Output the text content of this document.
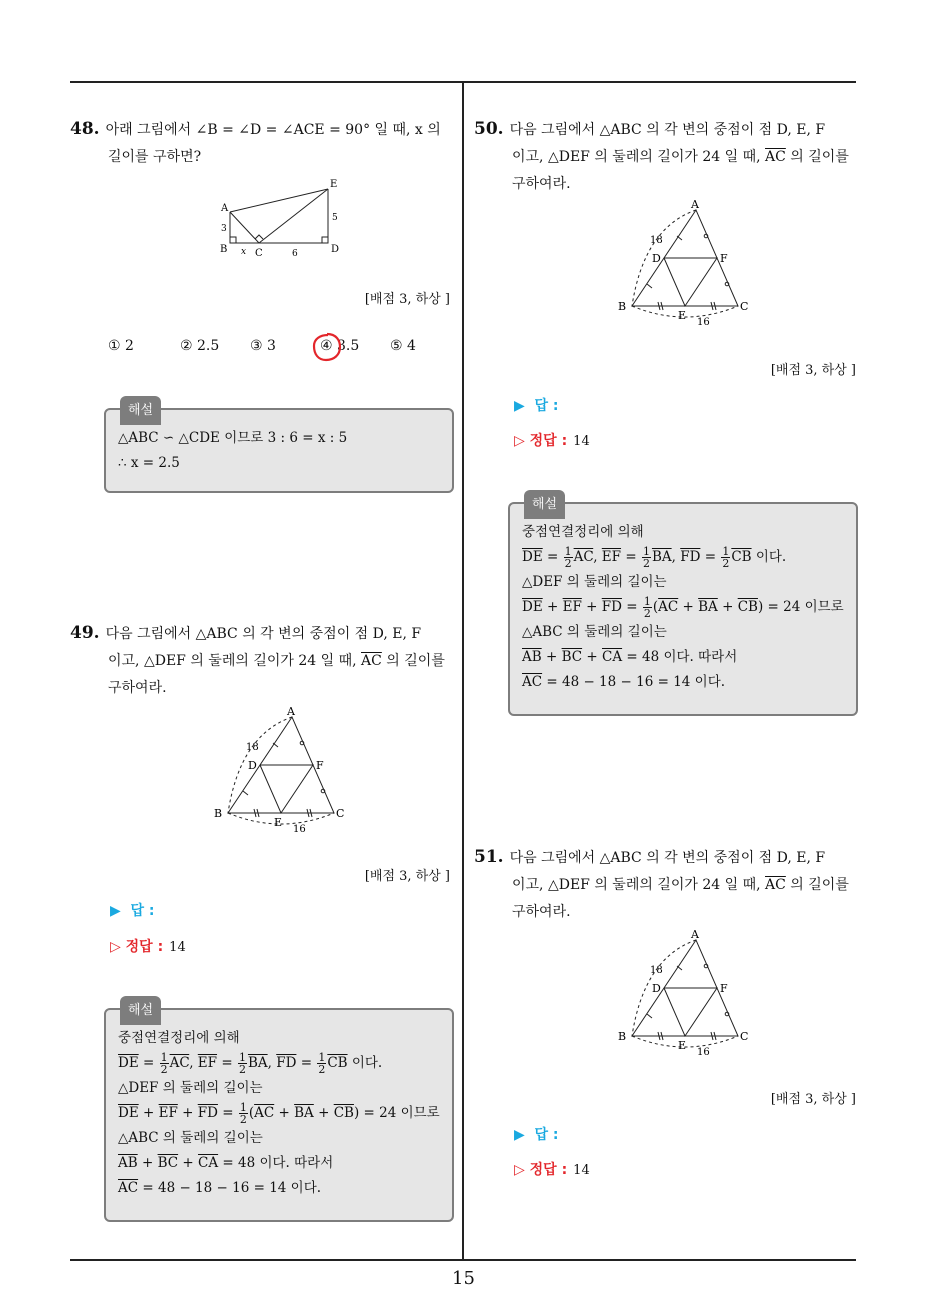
15
48. 아래 그림에서 ∠B = ∠D = ∠ACE = 90° 일 때, x 의
길이를 구하면?
E
A
B	C	D
3
5
x	6
[배점 3, 하상 ]
① 2	② 2.5 ③ 3	④ 3.5 ⑤ 4
해설
△ABC ∽ △CDE 이므로 3 : 6 = x : 5
∴ x = 2.5
49. 다음 그림에서 △ABC 의 각 변의 중점이 점 D, E, F
이고, △DEF 의 둘레의 길이가 24 일 때, $\overline{AC}$ 의 길이를
구하여라.
A
D	F
B
E
C
18
16
[배점 3, 하상 ]
▶  답 :
▷ 정답 : 14
해설
중점연결정리에 의해
$\overline{DE} = \frac{1}{2} \overline{AC}$, $\overline{EF} = \frac{1}{2} \overline{BA}$, $\overline{FD} = \frac{1}{2} \overline{CB}$ 이다.
△DEF 의 둘레의 길이는
$\overline{DE} + \overline{EF} + \overline{FD} = \frac{1}{2} (\overline{AC} + \overline{BA} + \overline{CB}) = 24$ 이므로
△ABC 의 둘레의 길이는
$\overline{AB} + \overline{BC} + \overline{CA} = 48$ 이다. 따라서
$\overline{AC} = 48 - 18 - 16 = 14$ 이다.
50. 다음 그림에서 △ABC 의 각 변의 중점이 점 D, E, F
이고, △DEF 의 둘레의 길이가 24 일 때, $\overline{AC}$ 의 길이를
구하여라.
A
D	F
B
E
C
18
16
[배점 3, 하상 ]
▶  답 :
▷ 정답 : 14
해설
중점연결정리에 의해
$\overline{DE} = \frac{1}{2} \overline{AC}$, $\overline{EF} = \frac{1}{2} \overline{BA}$, $\overline{FD} = \frac{1}{2} \overline{CB}$ 이다.
△DEF 의 둘레의 길이는
$\overline{DE} + \overline{EF} + \overline{FD} = \frac{1}{2} (\overline{AC} + \overline{BA} + \overline{CB}) = 24$ 이므로
△ABC 의 둘레의 길이는
$\overline{AB} + \overline{BC} + \overline{CA} = 48$ 이다. 따라서
$\overline{AC} = 48 - 18 - 16 = 14$ 이다.
51. 다음 그림에서 △ABC 의 각 변의 중점이 점 D, E, F
이고, △DEF 의 둘레의 길이가 24 일 때, $\overline{AC}$ 의 길이를
구하여라.
A
D	F
B
E
C
18
16
[배점 3, 하상 ]
▶  답 :
▷ 정답 : 14
